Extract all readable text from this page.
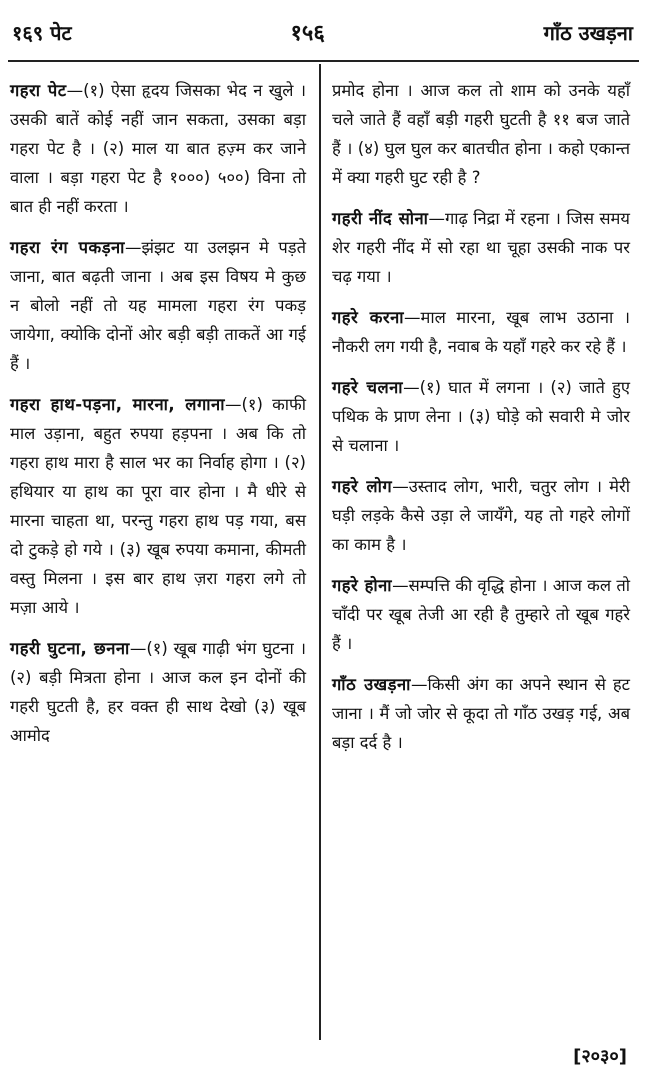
१६९ पेट	१५६	गाँठ उखड़ना
गहरा पेट—(१) ऐसा हृदय जिसका भेद न खुले । उसकी बातें कोई नहीं जान सकता, उसका बड़ा गहरा पेट है । (२) माल या बात हज़्म कर जाने वाला । बड़ा गहरा पेट है १०००) ५००) विना तो बात ही नहीं करता ।
गहरा रंग पकड़ना—झंझट या उलझन मे पड़ते जाना, बात बढ़ती जाना । अब इस विषय मे कुछ न बोलो नहीं तो यह मामला गहरा रंग पकड़ जायेगा, क्योकि दोनों ओर बड़ी बड़ी ताकतें आ गई हैं ।
गहरा हाथ-पड़ना, मारना, लगाना—(१) काफी माल उड़ाना, बहुत रुपया हड़पना । अब कि तो गहरा हाथ मारा है साल भर का निर्वाह होगा । (२) हथियार या हाथ का पूरा वार होना । मै धीरे से मारना चाहता था, परन्तु गहरा हाथ पड़ गया, बस दो टुकड़े हो गये । (३) खूब रुपया कमाना, कीमती वस्तु मिलना । इस बार हाथ ज़रा गहरा लगे तो मज़ा आये ।
गहरी घुटना, छनना—(१) खूब गाढ़ी भंग घुटना । (२) बड़ी मित्रता होना । आज कल इन दोनों की गहरी घुटती है, हर वक्त ही साथ देखो (३) खूब आमोद
प्रमोद होना । आज कल तो शाम को उनके यहाँ चले जाते हैं वहाँ बड़ी गहरी घुटती है ११ बज जाते हैं । (४) घुल घुल कर बातचीत होना । कहो एकान्त में क्या गहरी घुट रही है ?
गहरी नींद सोना—गाढ़ निद्रा में रहना । जिस समय शेर गहरी नींद में सो रहा था चूहा उसकी नाक पर चढ़ गया ।
गहरे करना—माल मारना, खूब लाभ उठाना । नौकरी लग गयी है, नवाब के यहाँ गहरे कर रहे हैं ।
गहरे चलना—(१) घात में लगना । (२) जाते हुए पथिक के प्राण लेना । (३) घोड़े को सवारी मे जोर से चलाना ।
गहरे लोग—उस्ताद लोग, भारी, चतुर लोग । मेरी घड़ी लड़के कैसे उड़ा ले जायँगे, यह तो गहरे लोगों का काम है ।
गहरे होना—सम्पत्ति की वृद्धि होना । आज कल तो चाँदी पर खूब तेजी आ रही है तुम्हारे तो खूब गहरे हैं ।
गाँठ उखड़ना—किसी अंग का अपने स्थान से हट जाना । मैं जो जोर से कूदा तो गाँठ उखड़ गई, अब बड़ा दर्द है ।
[२०३०]
